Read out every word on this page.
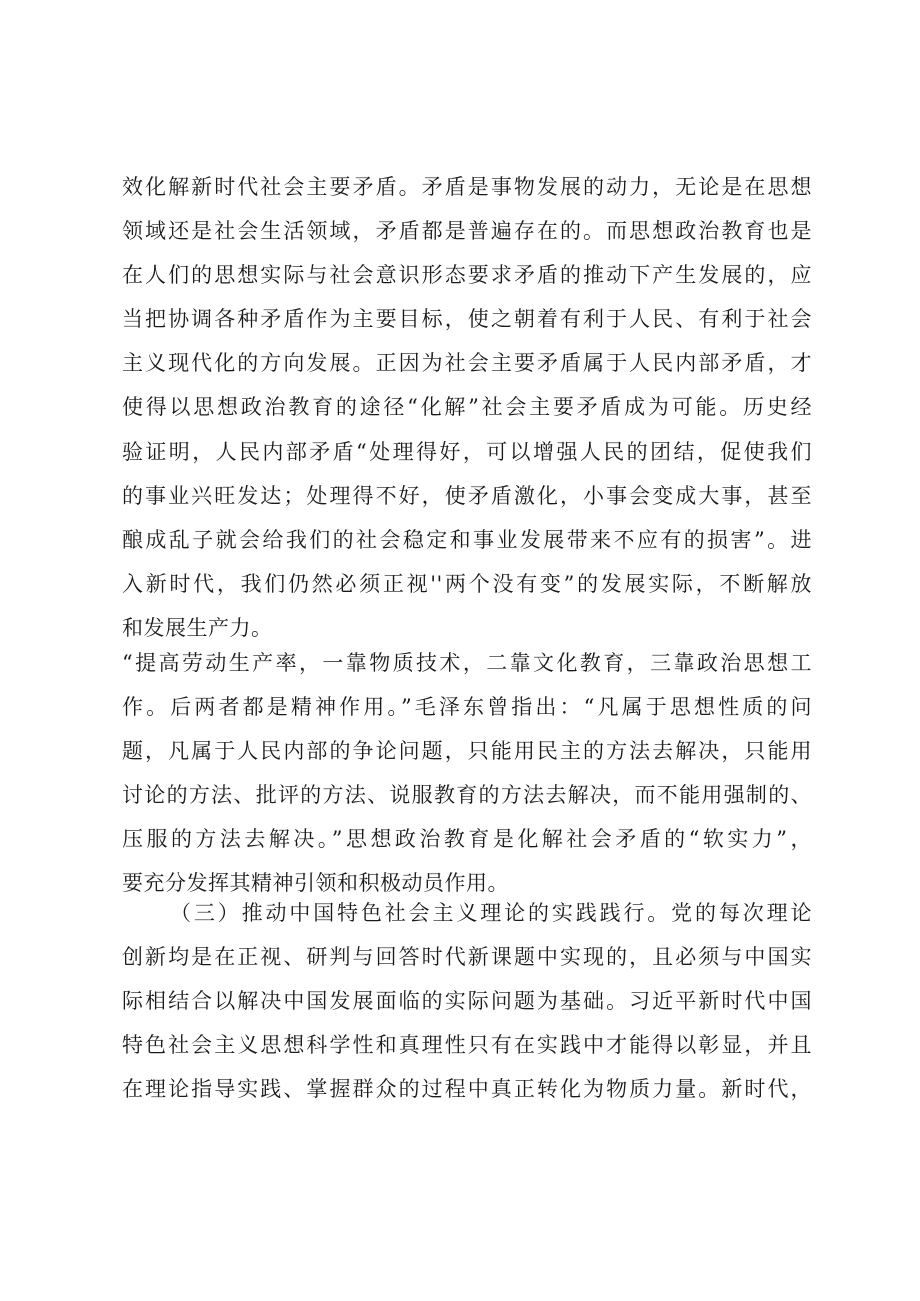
效化解新时代社会主要矛盾。矛盾是事物发展的动力，无论是在思想
领域还是社会生活领域，矛盾都是普遍存在的。而思想政治教育也是
在人们的思想实际与社会意识形态要求矛盾的推动下产生发展的，应
当把协调各种矛盾作为主要目标，使之朝着有利于人民、有利于社会
主义现代化的方向发展。正因为社会主要矛盾属于人民内部矛盾，才
使得以思想政治教育的途径“化解”社会主要矛盾成为可能。历史经
验证明，人民内部矛盾“处理得好，可以增强人民的团结，促使我们
的事业兴旺发达；处理得不好，使矛盾激化，小事会变成大事，甚至
酿成乱子就会给我们的社会稳定和事业发展带来不应有的损害”。进
入新时代，我们仍然必须正视''两个没有变”的发展实际，不断解放
和发展生产力。
“提高劳动生产率，一靠物质技术，二靠文化教育，三靠政治思想工
作。后两者都是精神作用。”毛泽东曾指出：“凡属于思想性质的问
题，凡属于人民内部的争论问题，只能用民主的方法去解决，只能用
讨论的方法、批评的方法、说服教育的方法去解决，而不能用强制的、
压服的方法去解决。”思想政治教育是化解社会矛盾的“软实力”，
要充分发挥其精神引领和积极动员作用。
（三）推动中国特色社会主义理论的实践践行。党的每次理论
创新均是在正视、研判与回答时代新课题中实现的，且必须与中国实
际相结合以解决中国发展面临的实际问题为基础。习近平新时代中国
特色社会主义思想科学性和真理性只有在实践中才能得以彰显，并且
在理论指导实践、掌握群众的过程中真正转化为物质力量。新时代，
